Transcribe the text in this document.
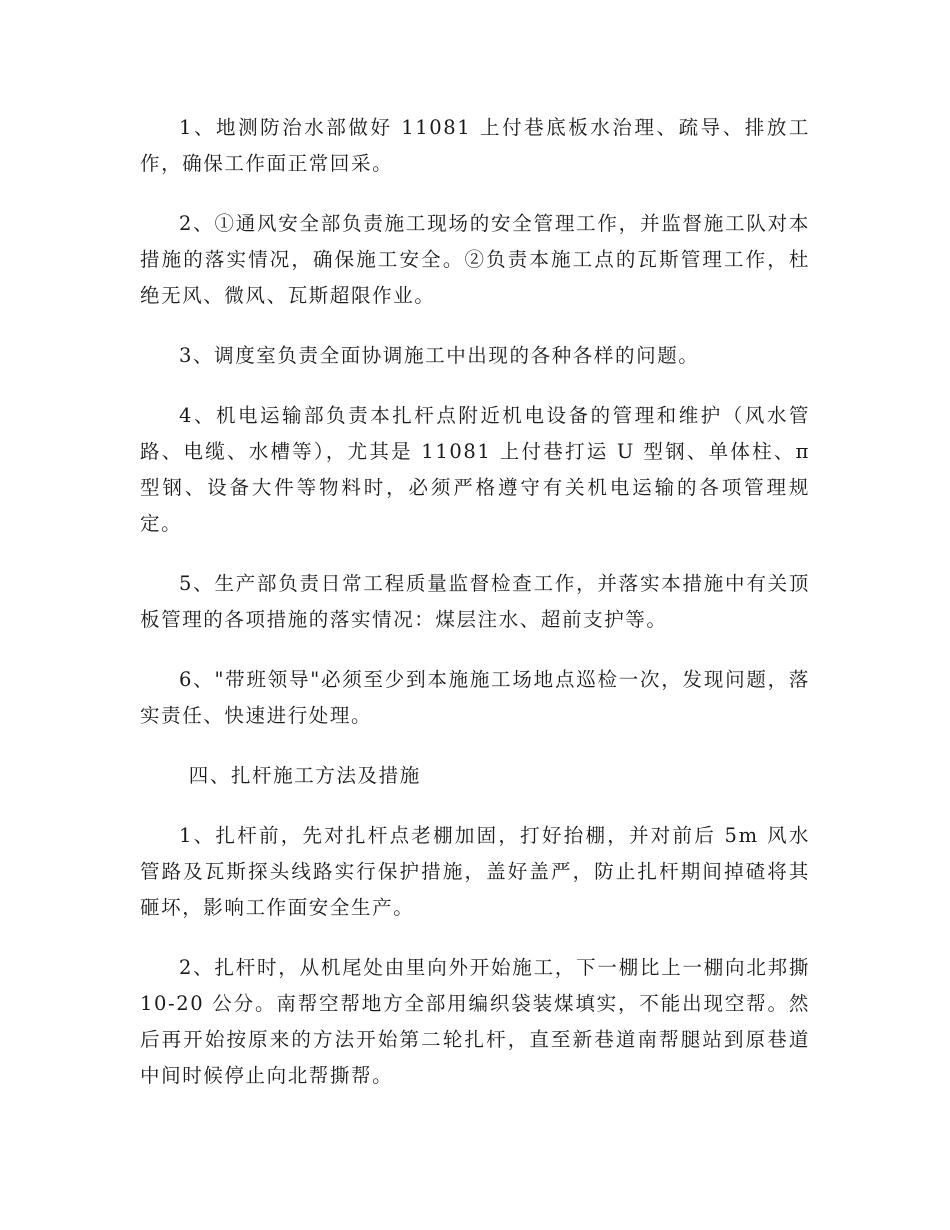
1、地测防治水部做好 11081 上付巷底板水治理、疏导、排放工作，确保工作面正常回采。

2、①通风安全部负责施工现场的安全管理工作，并监督施工队对本措施的落实情况，确保施工安全。②负责本施工点的瓦斯管理工作，杜绝无风、微风、瓦斯超限作业。

3、调度室负责全面协调施工中出现的各种各样的问题。

4、机电运输部负责本扎杆点附近机电设备的管理和维护（风水管路、电缆、水槽等），尤其是 11081 上付巷打运 U 型钢、单体柱、π 型钢、设备大件等物料时，必须严格遵守有关机电运输的各项管理规定。

5、生产部负责日常工程质量监督检查工作，并落实本措施中有关顶板管理的各项措施的落实情况：煤层注水、超前支护等。

6、"带班领导"必须至少到本施施工场地点巡检一次，发现问题，落实责任、快速进行处理。

四、扎杆施工方法及措施

1、扎杆前，先对扎杆点老棚加固，打好抬棚，并对前后 5m 风水管路及瓦斯探头线路实行保护措施，盖好盖严，防止扎杆期间掉碴将其砸坏，影响工作面安全生产。

2、扎杆时，从机尾处由里向外开始施工，下一棚比上一棚向北邦撕 10-20 公分。南帮空帮地方全部用编织袋装煤填实，不能出现空帮。然后再开始按原来的方法开始第二轮扎杆，直至新巷道南帮腿站到原巷道中间时候停止向北帮撕帮。
